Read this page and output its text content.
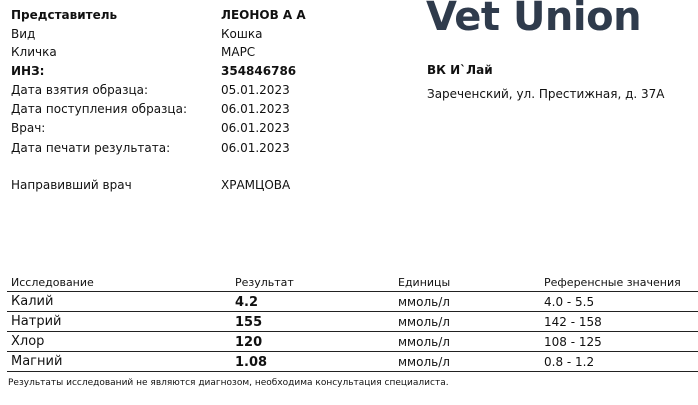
Представитель	ЛЕОНОВ А А
Вид	Кошка
Кличка	МАРС
ИНЗ:	354846786
Дата взятия образца:	05.01.2023
Дата поступления образца:	06.01.2023
Врач:	06.01.2023
Дата печати результата:	06.01.2023
Направивший врач	ХРАМЦОВА
Vet Union
ВК И`Лай
Зареченский, ул. Престижная, д. 37А
Исследование	Результат	Единицы	Референсные значения
Калий	4.2	ммоль/л	4.0 - 5.5
Натрий	155	ммоль/л	142 - 158
Хлор	120	ммоль/л	108 - 125
Магний	1.08	ммоль/л	0.8 - 1.2
Результаты исследований не являются диагнозом, необходима консультация специалиста.
